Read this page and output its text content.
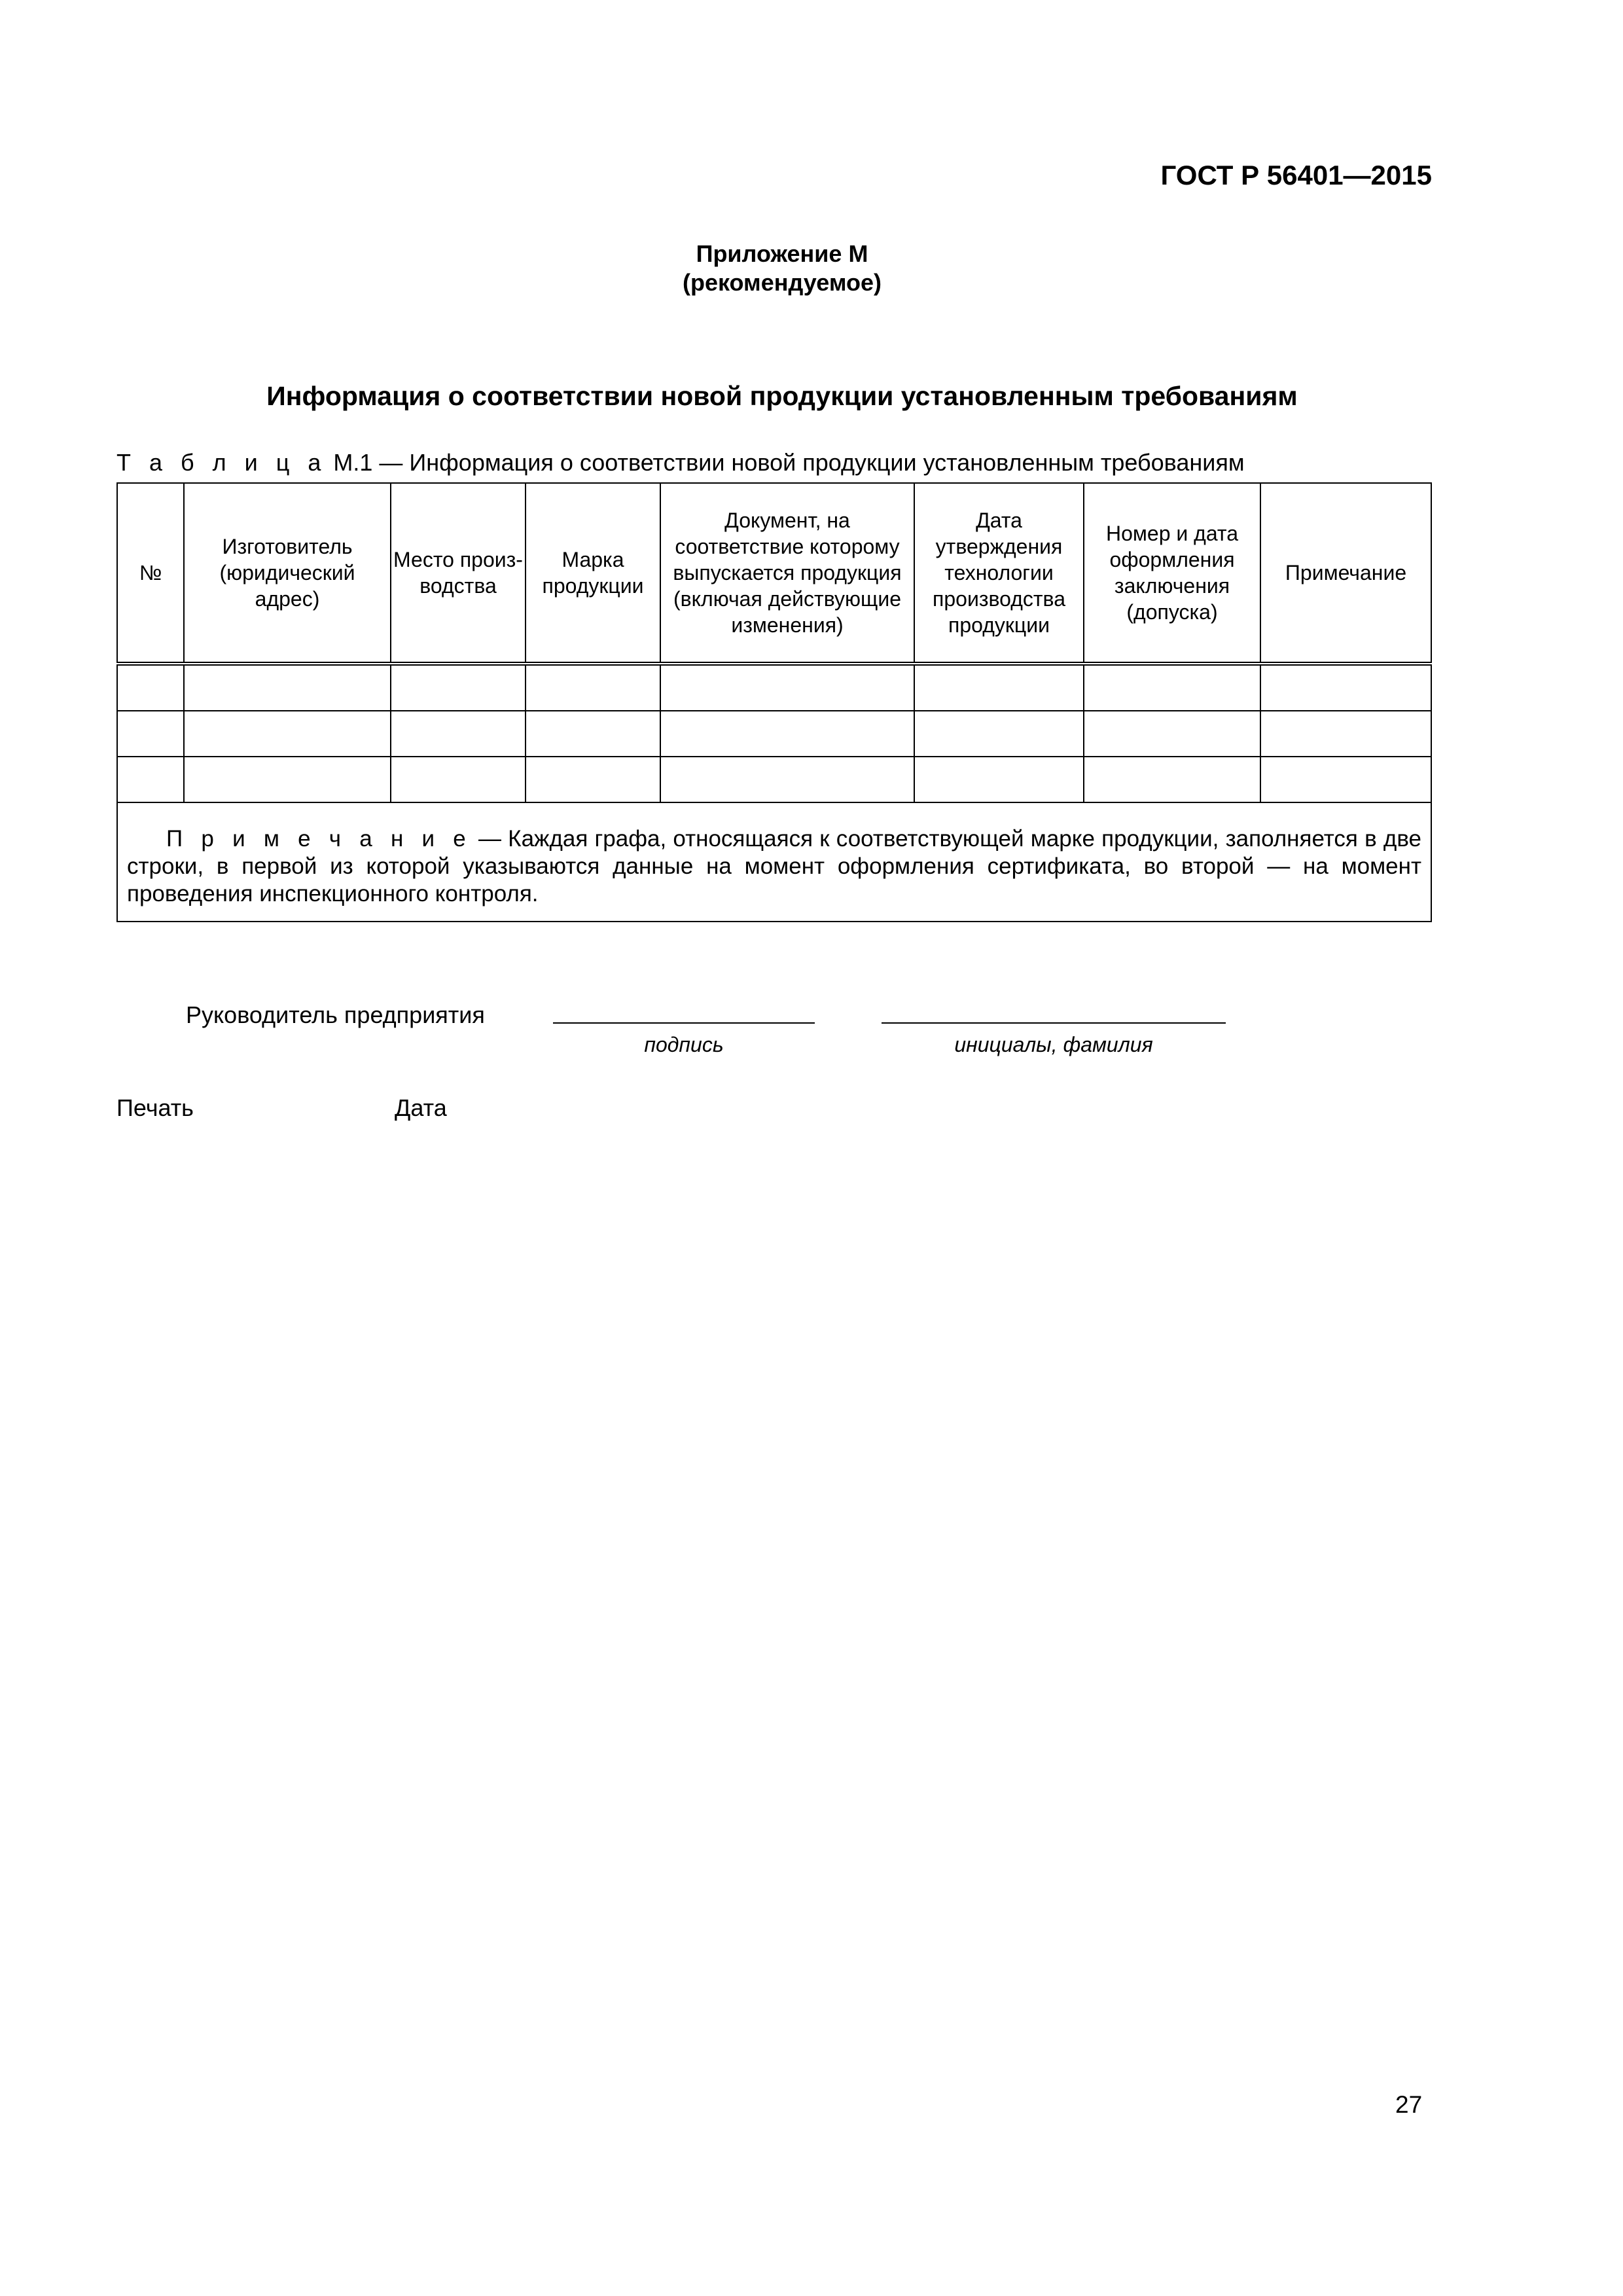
ГОСТ Р 56401—2015
Приложение М
(рекомендуемое)
Информация о соответствии новой продукции установленным требованиям
Т а б л и ц а М.1 — Информация о соответствии новой продукции установленным требованиям
№	Изготовитель (юридический адрес)	Место произ-водства	Марка продукции	Документ, на соответствие которому выпускается продукция (включая действующие изменения)	Дата утверждения технологии производства продукции	Номер и дата оформления заключения (допуска)	Примечание

П р и м е ч а н и е — Каждая графа, относящаяся к соответствующей марке продукции, заполняется в две строки, в первой из которой указываются данные на момент оформления сертификата, во второй — на момент проведения инспекционного контроля.							
Руководитель предприятия
подпись	инициалы, фамилия
Печать	Дата
27
